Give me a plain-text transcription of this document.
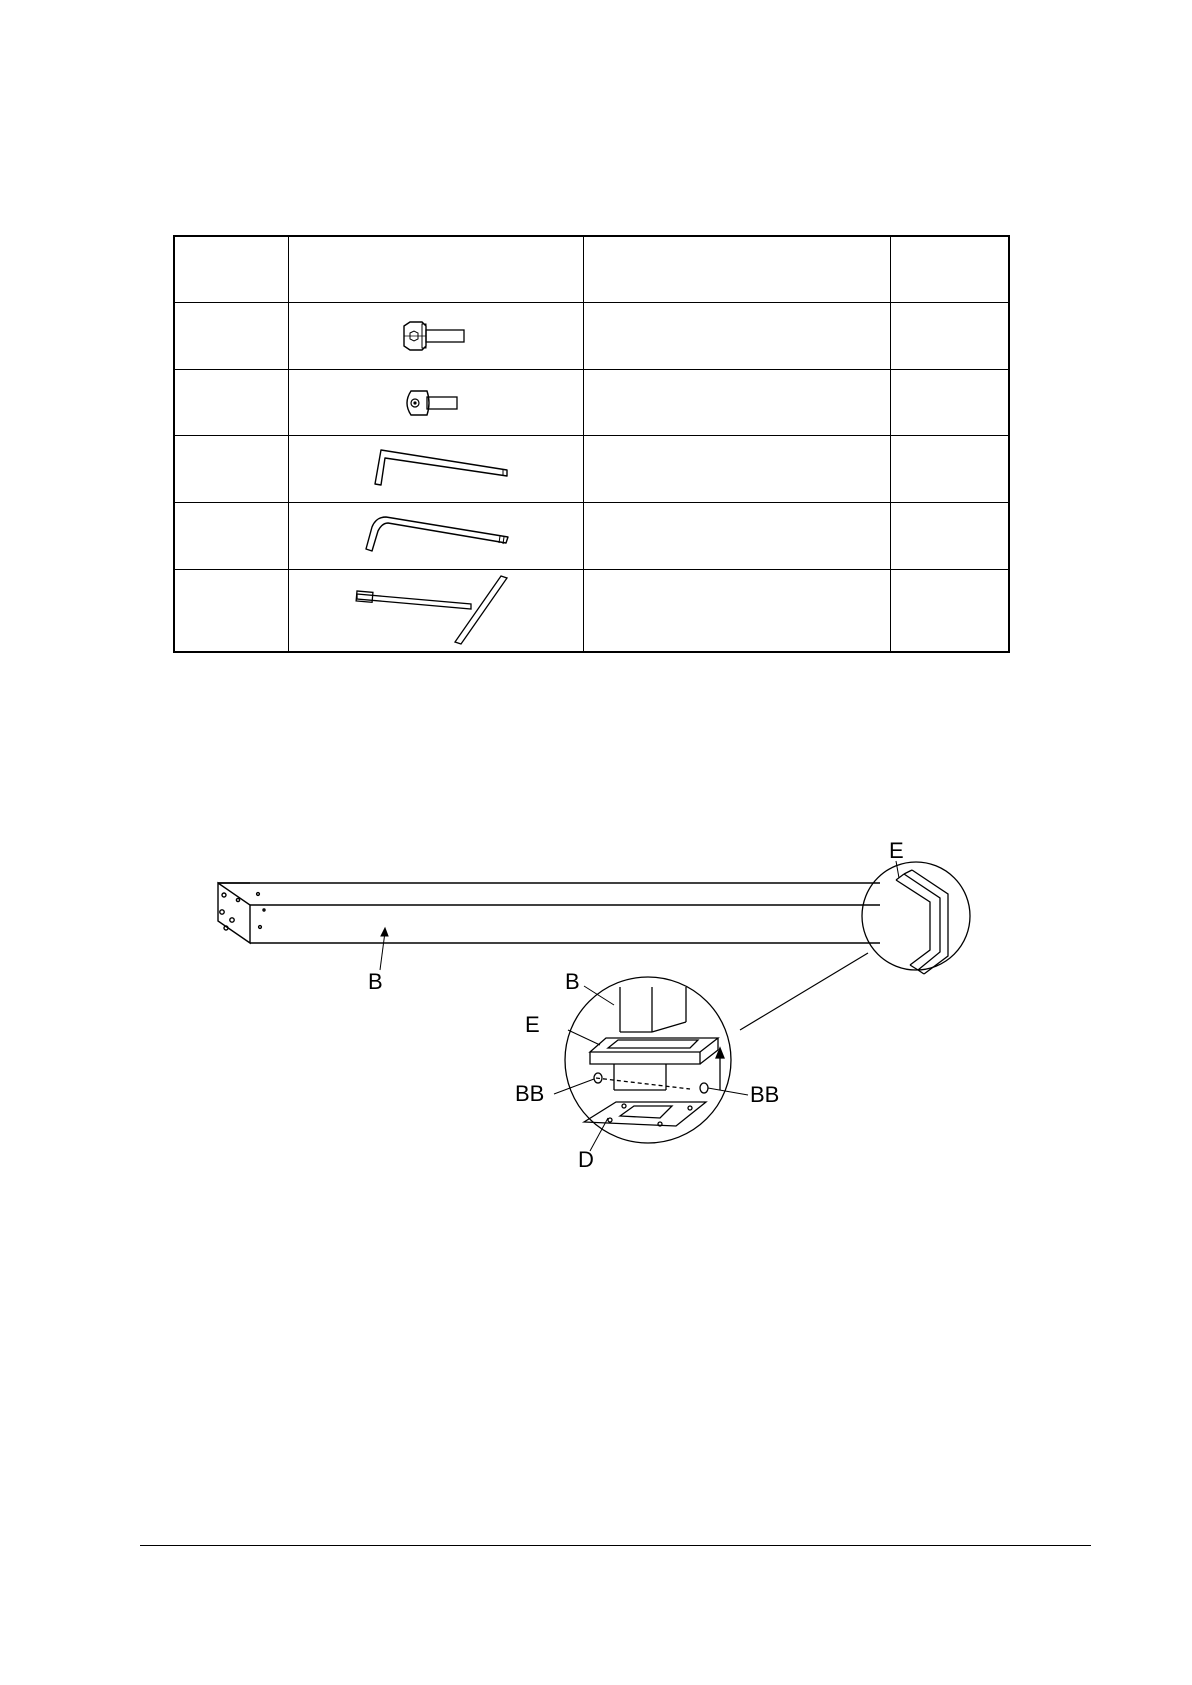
B
E
B
E
BB	BB
D
